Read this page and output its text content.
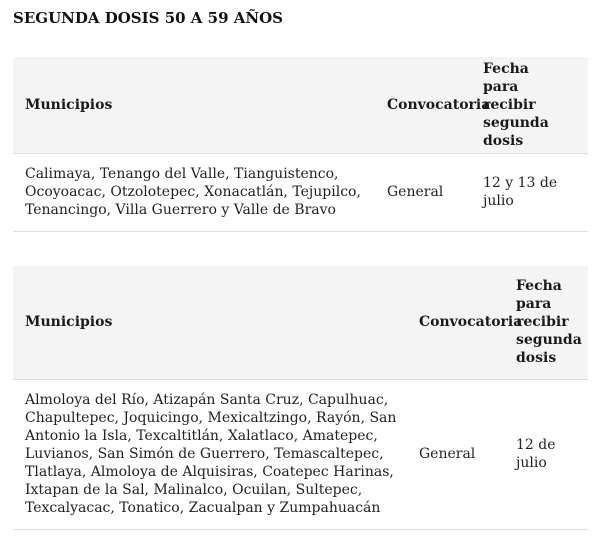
SEGUNDA DOSIS 50 A 59 AÑOS
Municipios	Convocatoria	Fecha para recibir segunda dosis
Calimaya, Tenango del Valle, Tianguistenco, Ocoyoacac, Otzolotepec, Xonacatlán, Tejupilco, Tenancingo, Villa Guerrero y Valle de Bravo	General	12 y 13 de julio
Municipios	Convocatoria	Fecha para recibir segunda dosis
Almoloya del Río, Atizapán Santa Cruz, Capulhuac, Chapultepec, Joquicingo, Mexicaltzingo, Rayón, San Antonio la Isla, Texcaltitlán, Xalatlaco, Amatepec, Luvianos, San Simón de Guerrero, Temascaltepec, Tlatlaya, Almoloya de Alquisiras, Coatepec Harinas, Ixtapan de la Sal, Malinalco, Ocuilan, Sultepec, Texcalyacac, Tonatico, Zacualpan y Zumpahuacán	General	12 de julio
